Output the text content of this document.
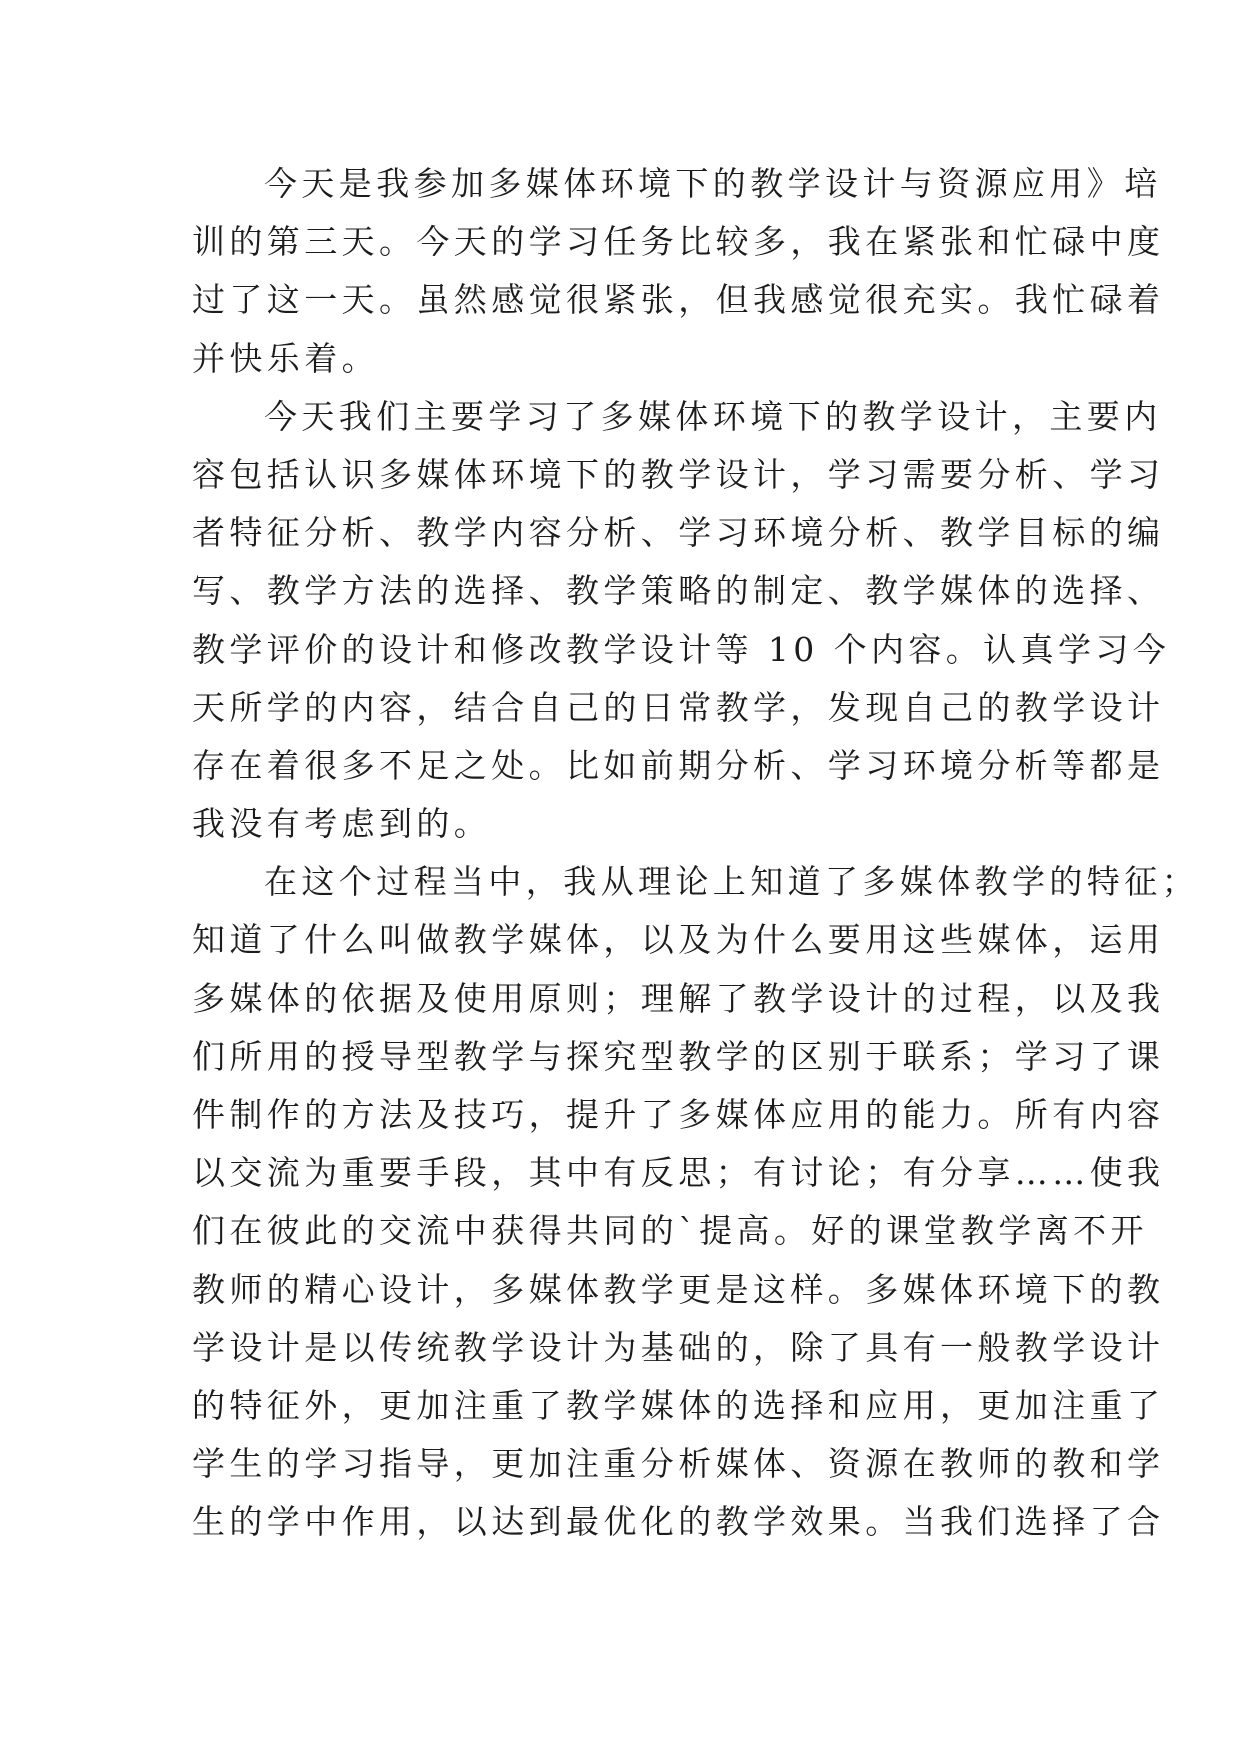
今天是我参加多媒体环境下的教学设计与资源应用》培
训的第三天。今天的学习任务比较多，我在紧张和忙碌中度
过了这一天。虽然感觉很紧张，但我感觉很充实。我忙碌着
并快乐着。
今天我们主要学习了多媒体环境下的教学设计，主要内
容包括认识多媒体环境下的教学设计，学习需要分析、学习
者特征分析、教学内容分析、学习环境分析、教学目标的编
写、教学方法的选择、教学策略的制定、教学媒体的选择、
教学评价的设计和修改教学设计等 10 个内容。认真学习今
天所学的内容，结合自己的日常教学，发现自己的教学设计
存在着很多不足之处。比如前期分析、学习环境分析等都是
我没有考虑到的。
在这个过程当中，我从理论上知道了多媒体教学的特征；
知道了什么叫做教学媒体，以及为什么要用这些媒体，运用
多媒体的依据及使用原则；理解了教学设计的过程，以及我
们所用的授导型教学与探究型教学的区别于联系；学习了课
件制作的方法及技巧，提升了多媒体应用的能力。所有内容
以交流为重要手段，其中有反思；有讨论；有分享……使我
们在彼此的交流中获得共同的`提高。好的课堂教学离不开
教师的精心设计，多媒体教学更是这样。多媒体环境下的教
学设计是以传统教学设计为基础的，除了具有一般教学设计
的特征外，更加注重了教学媒体的选择和应用，更加注重了
学生的学习指导，更加注重分析媒体、资源在教师的教和学
生的学中作用，以达到最优化的教学效果。当我们选择了合
